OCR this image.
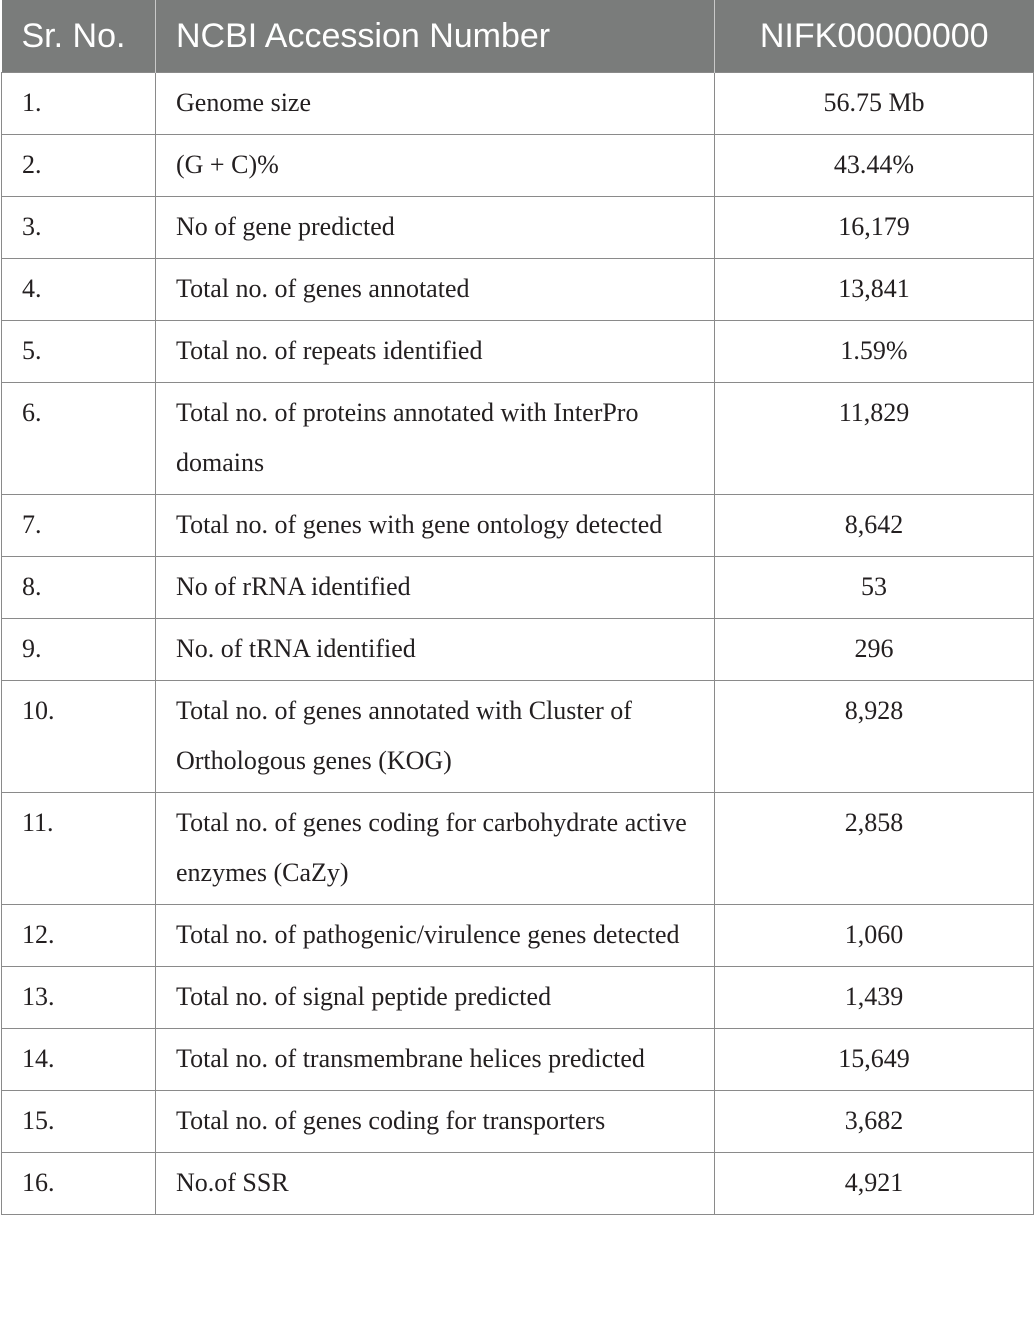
Sr. No.	NCBI Accession Number	NIFK00000000
1.	Genome size	56.75 Mb
2.	(G + C)%	43.44%
3.	No of gene predicted	16,179
4.	Total no. of genes annotated	13,841
5.	Total no. of repeats identified	1.59%
6.	Total no. of proteins annotated with InterPro domains	11,829
7.	Total no. of genes with gene ontology detected	8,642
8.	No of rRNA identified	53
9.	No. of tRNA identified	296
10.	Total no. of genes annotated with Cluster of Orthologous genes (KOG)	8,928
11.	Total no. of genes coding for carbohydrate active enzymes (CaZy)	2,858
12.	Total no. of pathogenic/virulence genes detected	1,060
13.	Total no. of signal peptide predicted	1,439
14.	Total no. of transmembrane helices predicted	15,649
15.	Total no. of genes coding for transporters	3,682
16.	No.of SSR	4,921
